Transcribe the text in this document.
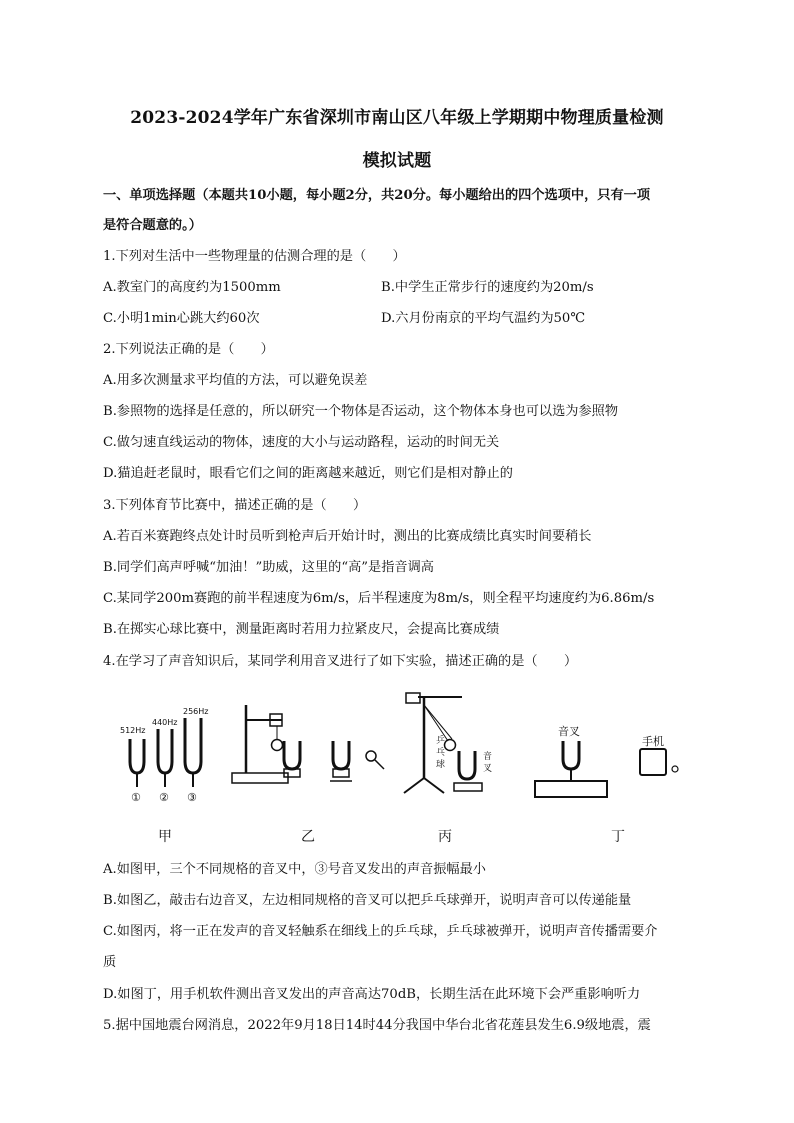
2023-2024学年广东省深圳市南山区八年级上学期期中物理质量检测
模拟试题
一、单项选择题（本题共10小题，每小题2分，共20分。每小题给出的四个选项中，只有一项
是符合题意的。）
1.下列对生活中一些物理量的估测合理的是（　　）
A.教室门的高度约为1500mm	B.中学生正常步行的速度约为20m/s
C.小明1min心跳大约60次	D.六月份南京的平均气温约为50℃
2.下列说法正确的是（　　）
A.用多次测量求平均值的方法，可以避免误差
B.参照物的选择是任意的，所以研究一个物体是否运动，这个物体本身也可以选为参照物
C.做匀速直线运动的物体，速度的大小与运动路程，运动的时间无关
D.猫追赶老鼠时，眼看它们之间的距离越来越近，则它们是相对静止的
3.下列体育节比赛中，描述正确的是（　　）
A.若百米赛跑终点处计时员听到枪声后开始计时，测出的比赛成绩比真实时间要稍长
B.同学们高声呼喊“加油！”助威，这里的“高”是指音调高
C.某同学200m赛跑的前半程速度为6m/s，后半程速度为8m/s，则全程平均速度约为6.86m/s
B.在掷实心球比赛中，测量距离时若用力拉紧皮尺，会提高比赛成绩
4.在学习了声音知识后，某同学利用音叉进行了如下实验，描述正确的是（　　）
512Hz
440Hz
256Hz
① ② ③
乒
乓
球
音
叉
音叉
手机
甲	乙	丙	丁
A.如图甲，三个不同规格的音叉中，③号音叉发出的声音振幅最小
B.如图乙，敲击右边音叉，左边相同规格的音叉可以把乒乓球弹开，说明声音可以传递能量
C.如图丙，将一正在发声的音叉轻触系在细线上的乒乓球，乒乓球被弹开，说明声音传播需要介
质
D.如图丁，用手机软件测出音叉发出的声音高达70dB，长期生活在此环境下会严重影响听力
5.据中国地震台网消息，2022年9月18日14时44分我国中华台北省花莲县发生6.9级地震，震
